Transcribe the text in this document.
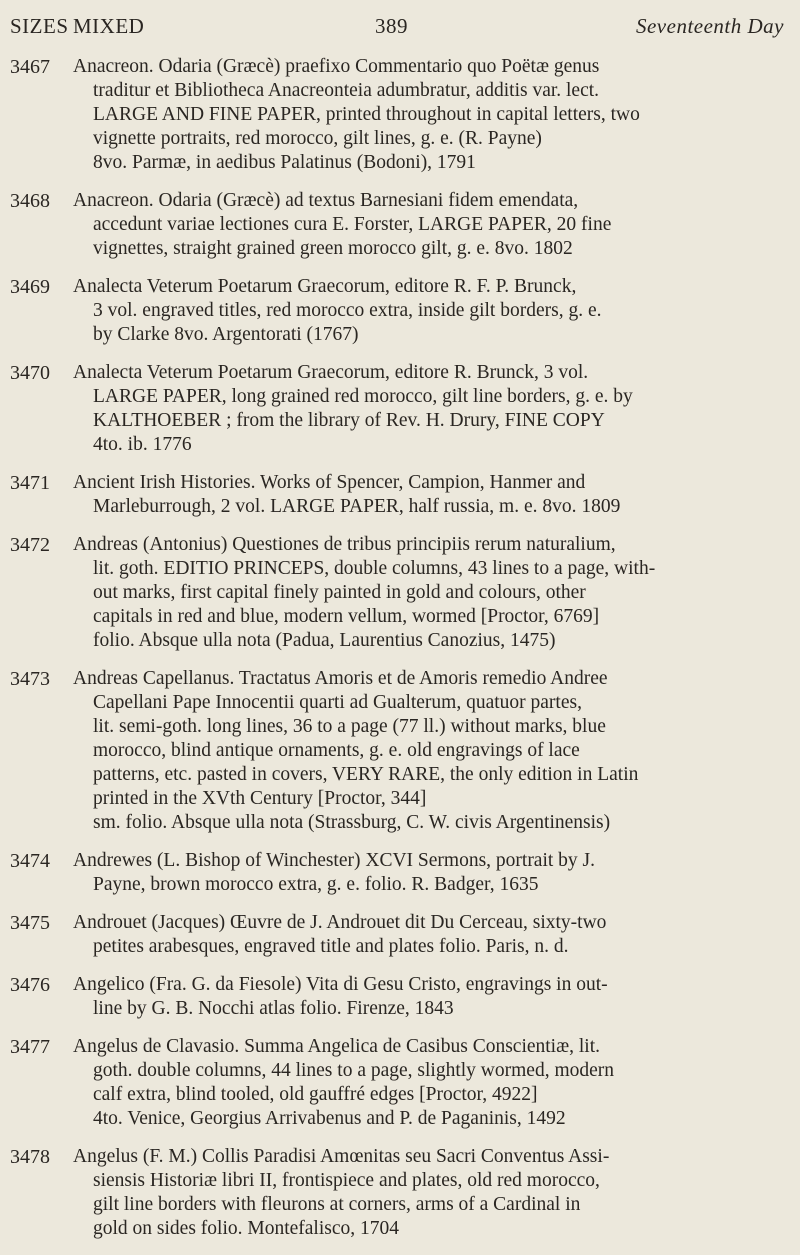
SIZES MIXED	389	Seventeenth Day
3467	Anacreon. Odaria (Græcè) praefixo Commentario quo Poëtæ genus
traditur et Bibliotheca Anacreonteia adumbratur, additis var. lect.
LARGE AND FINE PAPER, printed throughout in capital letters, two
vignette portraits, red morocco, gilt lines, g. e. (R. Payne)
8vo. Parmæ, in aedibus Palatinus (Bodoni), 1791
3468	Anacreon. Odaria (Græcè) ad textus Barnesiani fidem emendata,
accedunt variae lectiones cura E. Forster, LARGE PAPER, 20 fine
vignettes, straight grained green morocco gilt, g. e. 8vo. 1802
3469	Analecta Veterum Poetarum Graecorum, editore R. F. P. Brunck,
3 vol. engraved titles, red morocco extra, inside gilt borders, g. e.
by Clarke 8vo. Argentorati (1767)
3470	Analecta Veterum Poetarum Graecorum, editore R. Brunck, 3 vol.
LARGE PAPER, long grained red morocco, gilt line borders, g. e. by
KALTHOEBER ; from the library of Rev. H. Drury, FINE COPY
4to. ib. 1776
3471	Ancient Irish Histories. Works of Spencer, Campion, Hanmer and
Marleburrough, 2 vol. LARGE PAPER, half russia, m. e. 8vo. 1809
3472	Andreas (Antonius) Questiones de tribus principiis rerum naturalium,
lit. goth. EDITIO PRINCEPS, double columns, 43 lines to a page, with-
out marks, first capital finely painted in gold and colours, other
capitals in red and blue, modern vellum, wormed [Proctor, 6769]
folio. Absque ulla nota (Padua, Laurentius Canozius, 1475)
3473	Andreas Capellanus. Tractatus Amoris et de Amoris remedio Andree
Capellani Pape Innocentii quarti ad Gualterum, quatuor partes,
lit. semi-goth. long lines, 36 to a page (77 ll.) without marks, blue
morocco, blind antique ornaments, g. e. old engravings of lace
patterns, etc. pasted in covers, VERY RARE, the only edition in Latin
printed in the XVth Century [Proctor, 344]
sm. folio. Absque ulla nota (Strassburg, C. W. civis Argentinensis)
3474	Andrewes (L. Bishop of Winchester) XCVI Sermons, portrait by J.
Payne, brown morocco extra, g. e. folio. R. Badger, 1635
3475	Androuet (Jacques) Œuvre de J. Androuet dit Du Cerceau, sixty-two
petites arabesques, engraved title and plates folio. Paris, n. d.
3476	Angelico (Fra. G. da Fiesole) Vita di Gesu Cristo, engravings in out-
line by G. B. Nocchi atlas folio. Firenze, 1843
3477	Angelus de Clavasio. Summa Angelica de Casibus Conscientiæ, lit.
goth. double columns, 44 lines to a page, slightly wormed, modern
calf extra, blind tooled, old gauffré edges [Proctor, 4922]
4to. Venice, Georgius Arrivabenus and P. de Paganinis, 1492
3478	Angelus (F. M.) Collis Paradisi Amœnitas seu Sacri Conventus Assi-
siensis Historiæ libri II, frontispiece and plates, old red morocco,
gilt line borders with fleurons at corners, arms of a Cardinal in
gold on sides folio. Montefalisco, 1704
